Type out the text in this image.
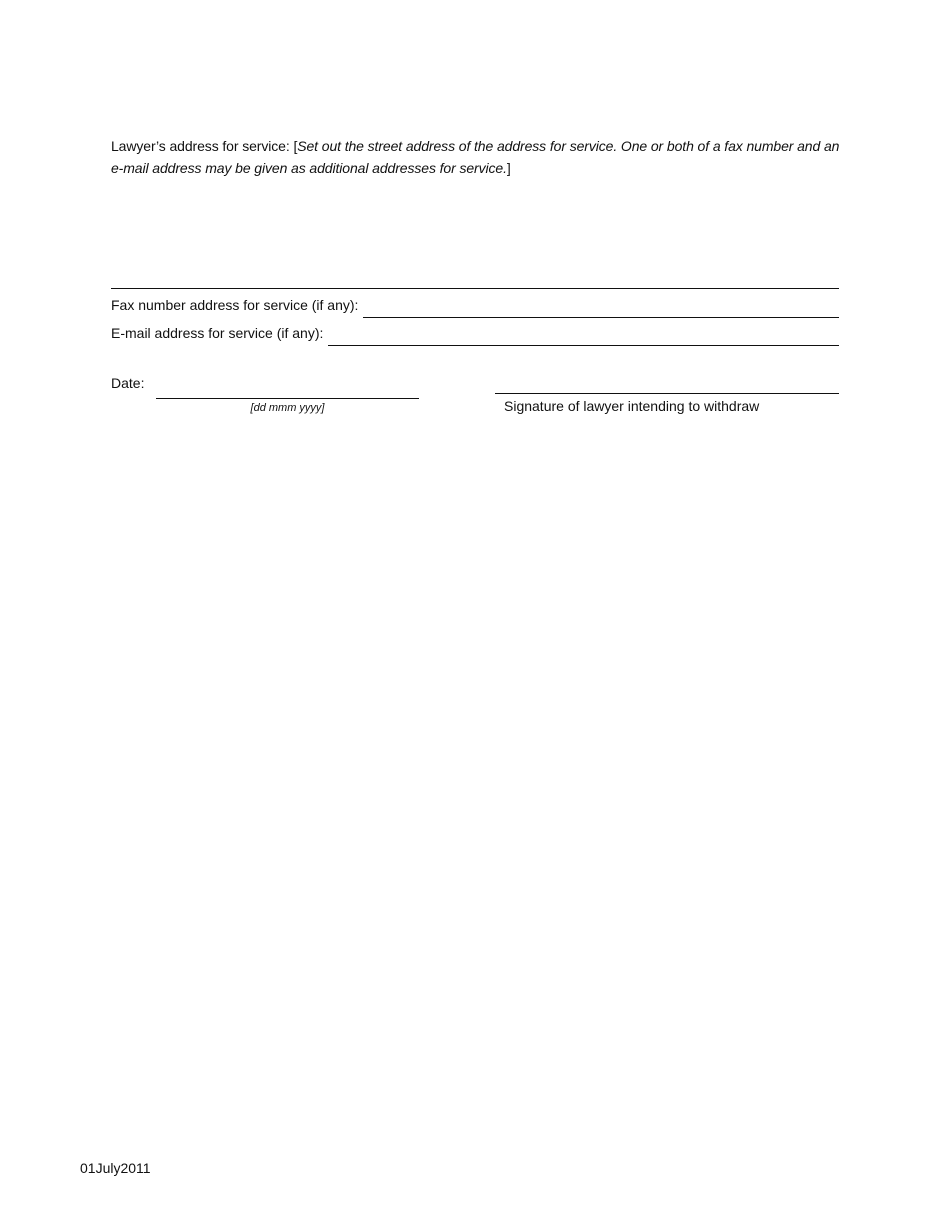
Lawyer’s address for service: [Set out the street address of the address for service. One or both of a fax number and an e-mail address may be given as additional addresses for service.]
Fax number address for service (if any):
E-mail address for service (if any):
Date:
[dd mmm yyyy]	Signature of lawyer intending to withdraw
01July2011
